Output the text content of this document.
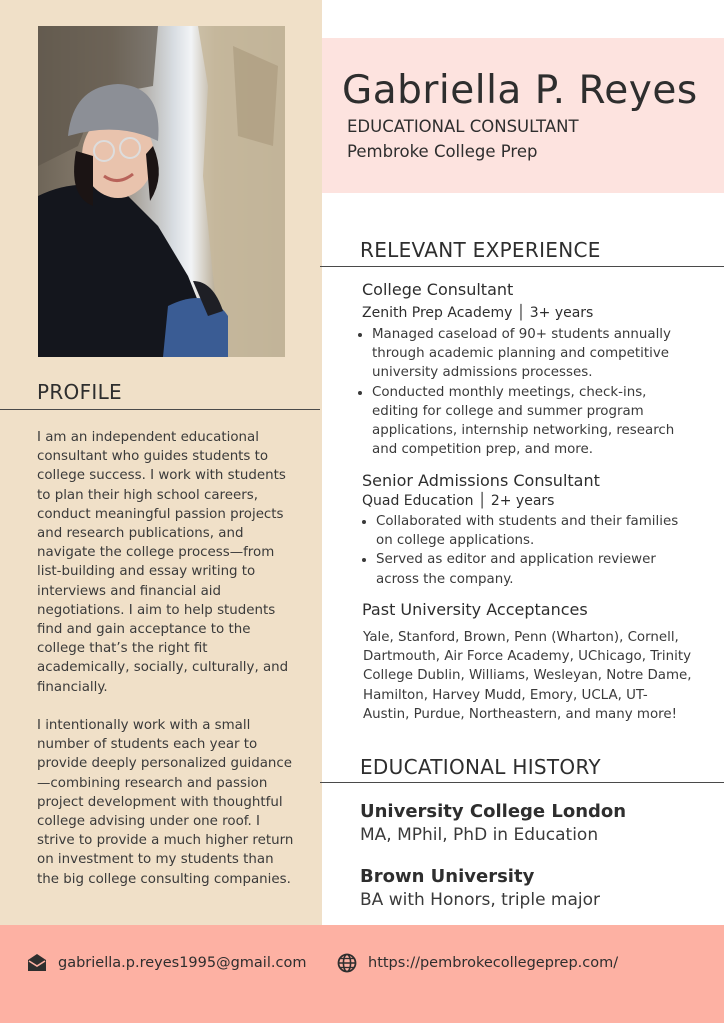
PROFILE
I am an independent educational consultant who guides students to college success. I work with students to plan their high school careers, conduct meaningful passion projects and research publications, and navigate the college process—from list-building and essay writing to interviews and financial aid negotiations. I aim to help students find and gain acceptance to the college that’s the right fit academically, socially, culturally, and financially.

I intentionally work with a small number of students each year to provide deeply personalized guidance—combining research and passion project development with thoughtful college advising under one roof. I strive to provide a much higher return on investment to my students than the big college consulting companies.
Gabriella P. Reyes
EDUCATIONAL CONSULTANT
Pembroke College Prep
RELEVANT EXPERIENCE
College Consultant
Zenith Prep Academy │ 3+ years
Managed caseload of 90+ students annually through academic planning and competitive university admissions processes.
Conducted monthly meetings, check-ins, editing for college and summer program applications, internship networking, research and competition prep, and more.
Senior Admissions Consultant
Quad Education │ 2+ years
Collaborated with students and their families on college applications.
Served as editor and application reviewer across the company.
Past University Acceptances
Yale, Stanford, Brown, Penn (Wharton), Cornell, Dartmouth, Air Force Academy, UChicago, Trinity College Dublin, Williams, Wesleyan, Notre Dame, Hamilton, Harvey Mudd, Emory, UCLA, UT-Austin, Purdue, Northeastern, and many more!
EDUCATIONAL HISTORY
University College London
MA, MPhil, PhD in Education
Brown University
BA with Honors, triple major
gabriella.p.reyes1995@gmail.com	https://pembrokecollegeprep.com/
